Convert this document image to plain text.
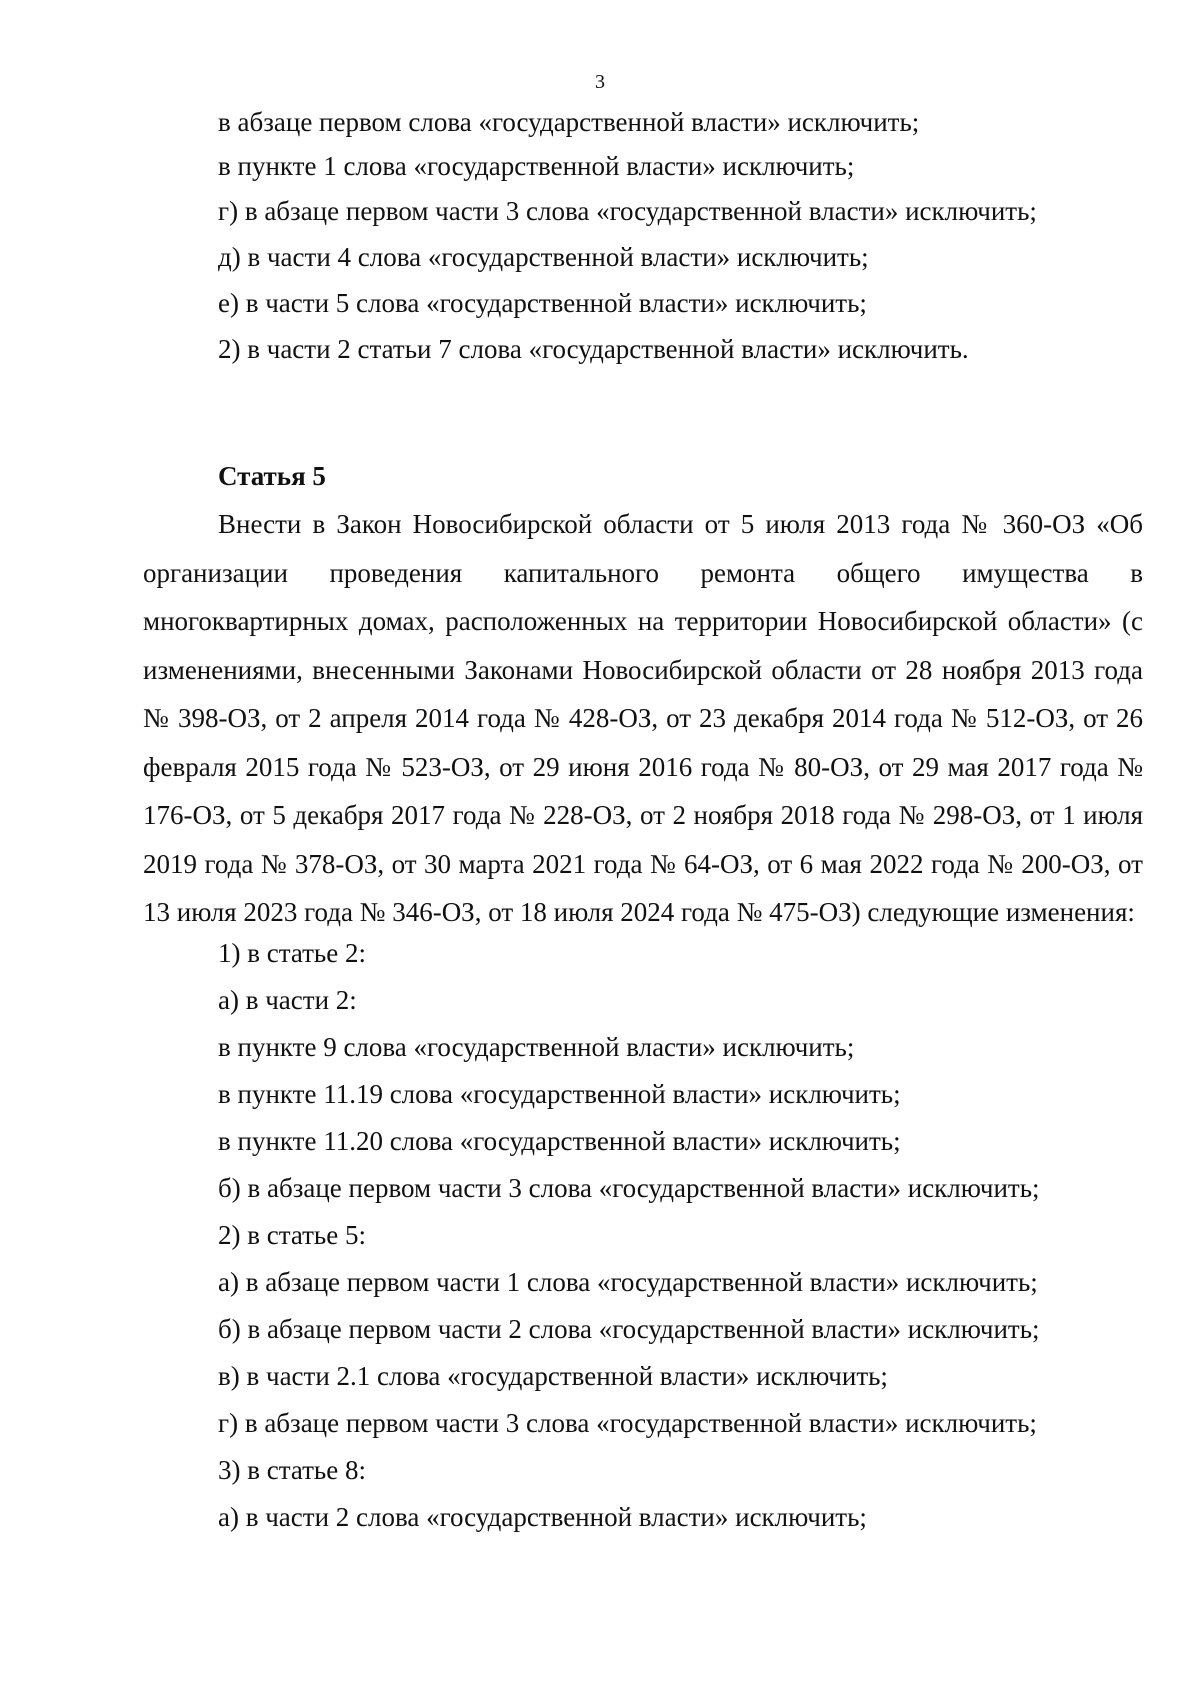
3
в абзаце первом слова «государственной власти» исключить;
в пункте 1 слова «государственной власти» исключить;
г) в абзаце первом части 3 слова «государственной власти» исключить;
д) в части 4 слова «государственной власти» исключить;
е) в части 5 слова «государственной власти» исключить;
2) в части 2 статьи 7 слова «государственной власти» исключить.
Статья 5

Внести в Закон Новосибирской области от 5 июля 2013 года № 360-ОЗ «Об организации проведения капитального ремонта общего имущества в многоквартирных домах, расположенных на территории Новосибирской области» (с изменениями, внесенными Законами Новосибирской области от 28 ноября 2013 года № 398-ОЗ, от 2 апреля 2014 года № 428-ОЗ, от 23 декабря 2014 года № 512-ОЗ, от 26 февраля 2015 года № 523-ОЗ, от 29 июня 2016 года № 80-ОЗ, от 29 мая 2017 года № 176-ОЗ, от 5 декабря 2017 года № 228-ОЗ, от 2 ноября 2018 года № 298-ОЗ, от 1 июля 2019 года № 378-ОЗ, от 30 марта 2021 года № 64-ОЗ, от 6 мая 2022 года № 200-ОЗ, от 13 июля 2023 года № 346-ОЗ, от 18 июля 2024 года № 475-ОЗ) следующие изменения:

1) в статье 2:
а) в части 2:
в пункте 9 слова «государственной власти» исключить;
в пункте 11.19 слова «государственной власти» исключить;
в пункте 11.20 слова «государственной власти» исключить;
б) в абзаце первом части 3 слова «государственной власти» исключить;
2) в статье 5:
а) в абзаце первом части 1 слова «государственной власти» исключить;
б) в абзаце первом части 2 слова «государственной власти» исключить;
в) в части 2.1 слова «государственной власти» исключить;
г) в абзаце первом части 3 слова «государственной власти» исключить;
3) в статье 8:
а) в части 2 слова «государственной власти» исключить;
